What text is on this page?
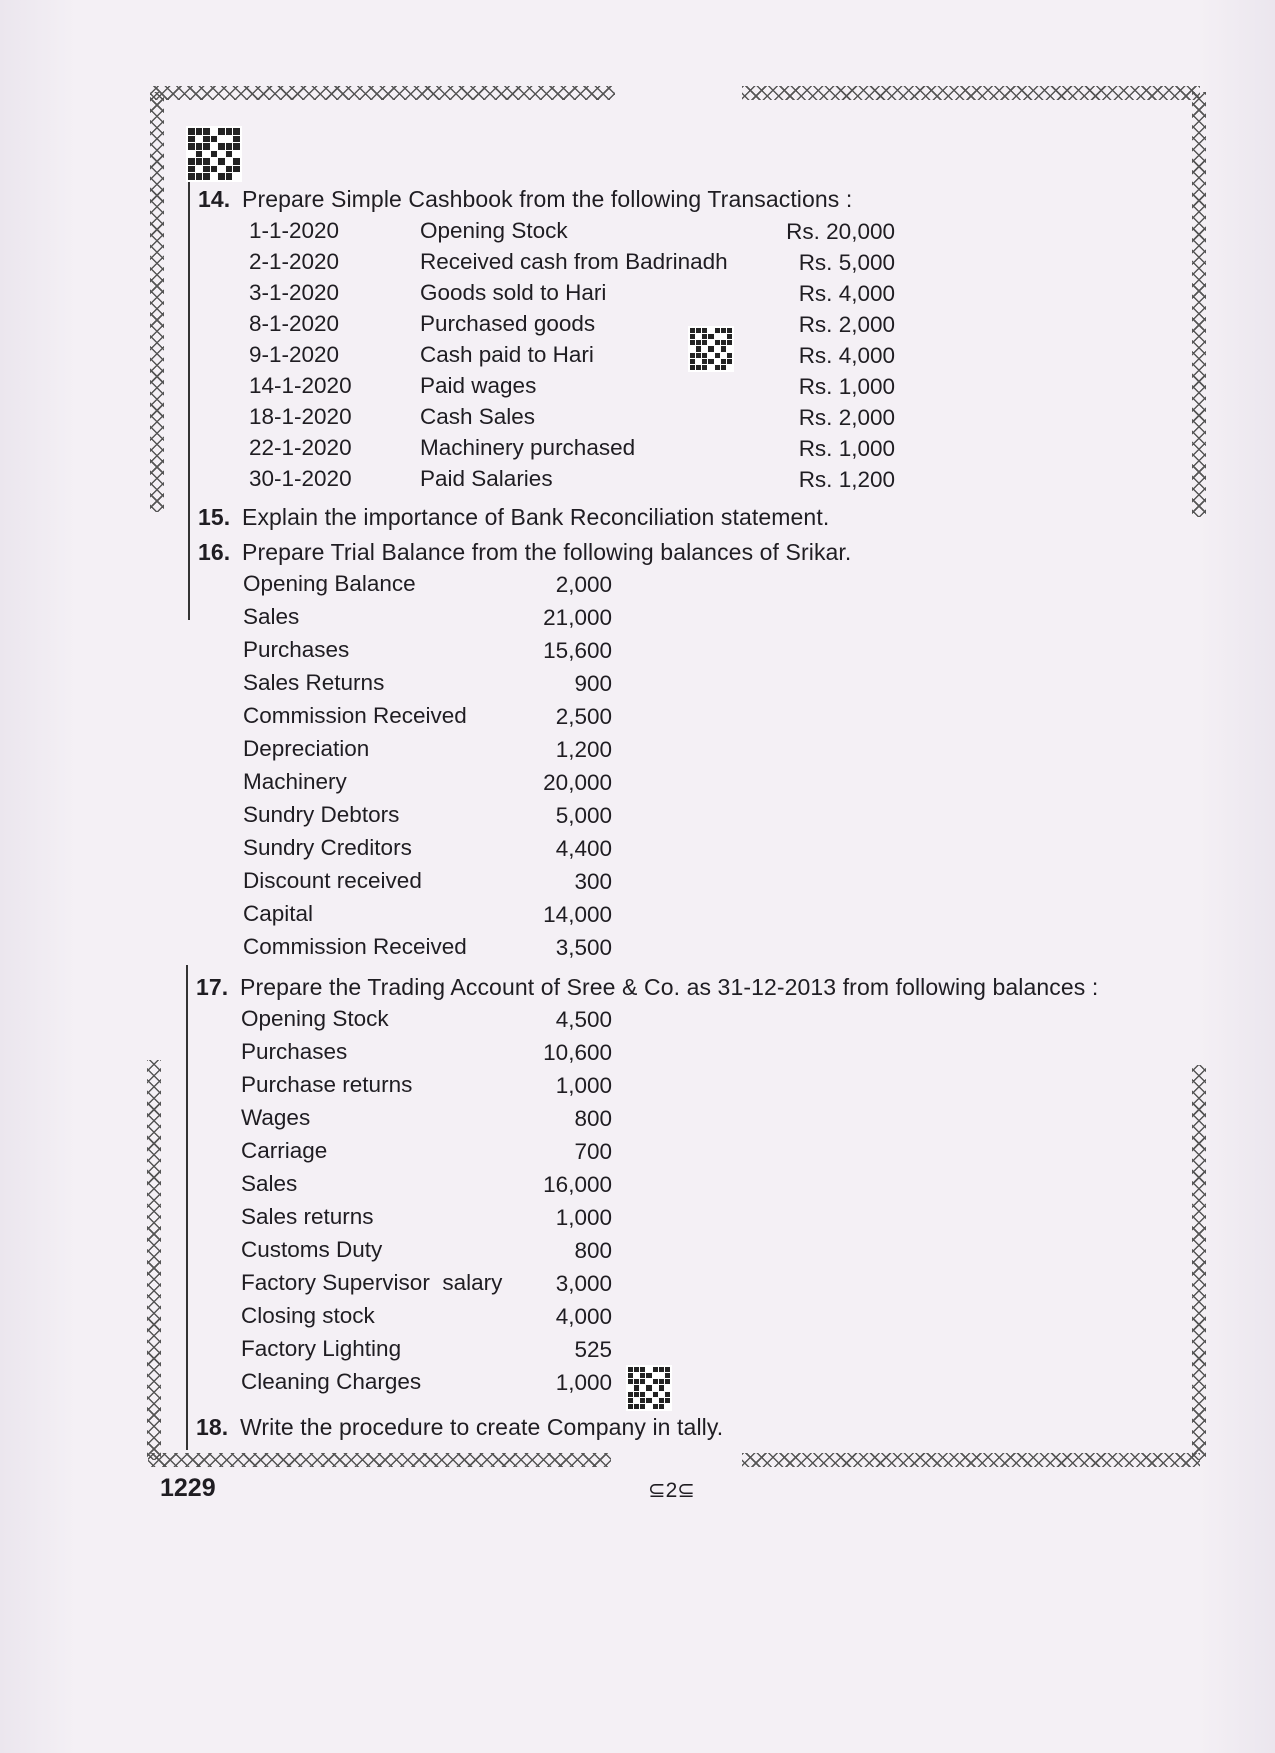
14. Prepare Simple Cashbook from the following Transactions :
1-1-2020	Opening Stock	Rs. 20,000
2-1-2020	Received cash from Badrinadh	Rs. 5,000
3-1-2020	Goods sold to Hari	Rs. 4,000
8-1-2020	Purchased goods	Rs. 2,000
9-1-2020	Cash paid to Hari	Rs. 4,000
14-1-2020	Paid wages	Rs. 1,000
18-1-2020	Cash Sales	Rs. 2,000
22-1-2020	Machinery purchased	Rs. 1,000
30-1-2020	Paid Salaries	Rs. 1,200
15. Explain the importance of Bank Reconciliation statement.
16. Prepare Trial Balance from the following balances of Srikar.
Opening Balance	2,000
Sales	21,000
Purchases	15,600
Sales Returns	900
Commission Received	2,500
Depreciation	1,200
Machinery	20,000
Sundry Debtors	5,000
Sundry Creditors	4,400
Discount received	300
Capital	14,000
Commission Received	3,500
17. Prepare the Trading Account of Sree & Co. as 31-12-2013 from following balances :
Opening Stock	4,500
Purchases	10,600
Purchase returns	1,000
Wages	800
Carriage	700
Sales	16,000
Sales returns	1,000
Customs Duty	800
Factory Supervisor  salary 3,000
Closing stock	4,000
Factory Lighting	525
Cleaning Charges	1,000
18. Write the procedure to create Company in tally.
1229	⊆2⊆
